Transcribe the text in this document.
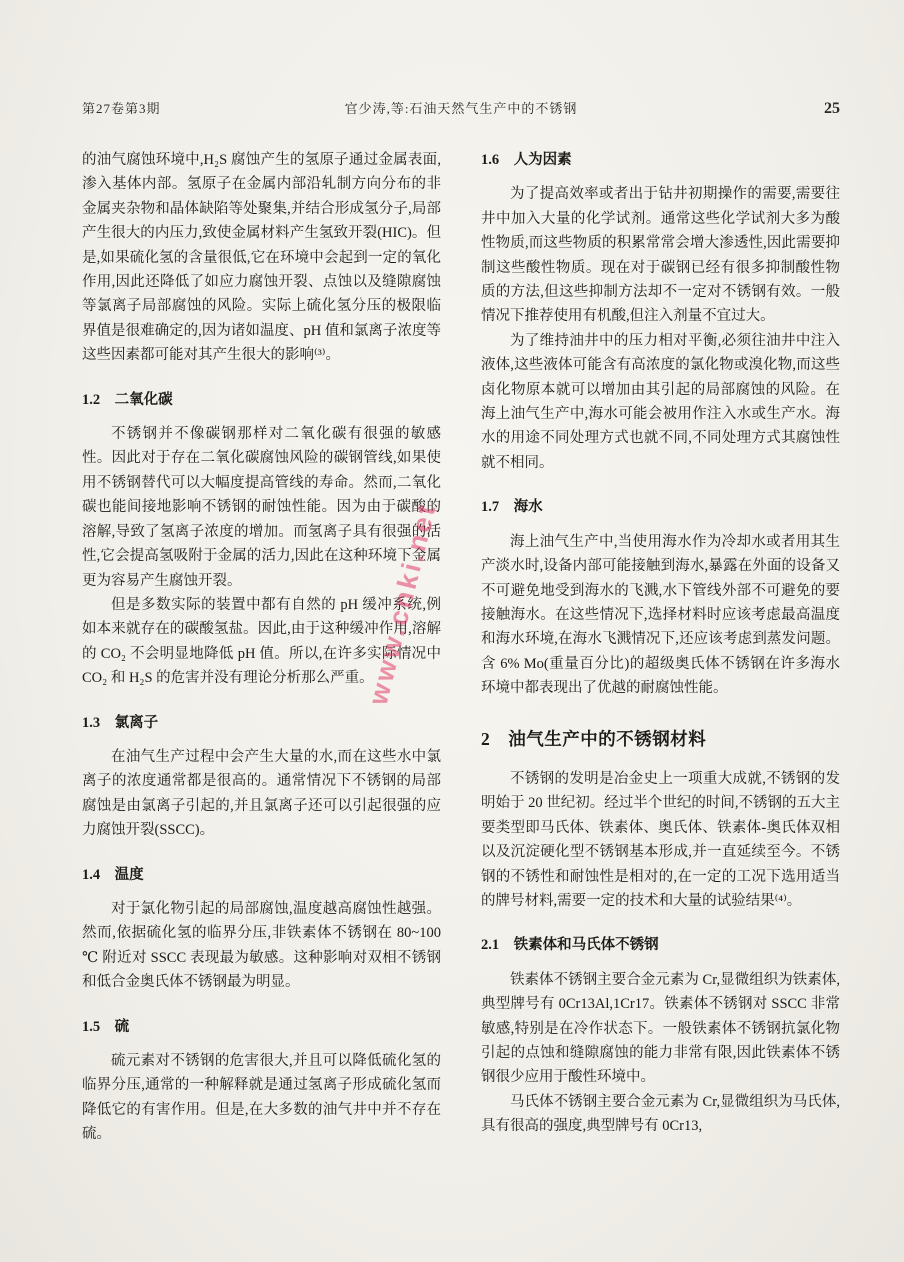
第27卷第3期	官少涛,等:石油天然气生产中的不锈钢	25

的油气腐蚀环境中,H₂S 腐蚀产生的氢原子通过金属表面,渗入基体内部。氢原子在金属内部沿轧制方向分布的非金属夹杂物和晶体缺陷等处聚集,并结合形成氢分子,局部产生很大的内压力,致使金属材料产生氢致开裂(HIC)。但是,如果硫化氢的含量很低,它在环境中会起到一定的氧化作用,因此还降低了如应力腐蚀开裂、点蚀以及缝隙腐蚀等氯离子局部腐蚀的风险。实际上硫化氢分压的极限临界值是很难确定的,因为诸如温度、pH 值和氯离子浓度等这些因素都可能对其产生很大的影响⁽³⁾。

1.2　二氧化碳

不锈钢并不像碳钢那样对二氧化碳有很强的敏感性。因此对于存在二氧化碳腐蚀风险的碳钢管线,如果使用不锈钢替代可以大幅度提高管线的寿命。然而,二氧化碳也能间接地影响不锈钢的耐蚀性能。因为由于碳酸的溶解,导致了氢离子浓度的增加。而氢离子具有很强的活性,它会提高氢吸附于金属的活力,因此在这种环境下金属更为容易产生腐蚀开裂。

但是多数实际的装置中都有自然的 pH 缓冲系统,例如本来就存在的碳酸氢盐。因此,由于这种缓冲作用,溶解的 CO₂ 不会明显地降低 pH 值。所以,在许多实际情况中 CO₂ 和 H₂S 的危害并没有理论分析那么严重。

1.3　氯离子

在油气生产过程中会产生大量的水,而在这些水中氯离子的浓度通常都是很高的。通常情况下不锈钢的局部腐蚀是由氯离子引起的,并且氯离子还可以引起很强的应力腐蚀开裂(SSCC)。

1.4　温度

对于氯化物引起的局部腐蚀,温度越高腐蚀性越强。然而,依据硫化氢的临界分压,非铁素体不锈钢在 80~100 ℃ 附近对 SSCC 表现最为敏感。这种影响对双相不锈钢和低合金奥氏体不锈钢最为明显。

1.5　硫

硫元素对不锈钢的危害很大,并且可以降低硫化氢的临界分压,通常的一种解释就是通过氢离子形成硫化氢而降低它的有害作用。但是,在大多数的油气井中并不存在硫。

1.6　人为因素

为了提高效率或者出于钻井初期操作的需要,需要往井中加入大量的化学试剂。通常这些化学试剂大多为酸性物质,而这些物质的积累常常会增大渗透性,因此需要抑制这些酸性物质。现在对于碳钢已经有很多抑制酸性物质的方法,但这些抑制方法却不一定对不锈钢有效。一般情况下推荐使用有机酸,但注入剂量不宜过大。

为了维持油井中的压力相对平衡,必须往油井中注入液体,这些液体可能含有高浓度的氯化物或溴化物,而这些卤化物原本就可以增加由其引起的局部腐蚀的风险。在海上油气生产中,海水可能会被用作注入水或生产水。海水的用途不同处理方式也就不同,不同处理方式其腐蚀性就不相同。

1.7　海水

海上油气生产中,当使用海水作为冷却水或者用其生产淡水时,设备内部可能接触到海水,暴露在外面的设备又不可避免地受到海水的飞溅,水下管线外部不可避免的要接触海水。在这些情况下,选择材料时应该考虑最高温度和海水环境,在海水飞溅情况下,还应该考虑到蒸发问题。含 6% Mo(重量百分比)的超级奥氏体不锈钢在许多海水环境中都表现出了优越的耐腐蚀性能。

2　油气生产中的不锈钢材料

不锈钢的发明是冶金史上一项重大成就,不锈钢的发明始于 20 世纪初。经过半个世纪的时间,不锈钢的五大主要类型即马氏体、铁素体、奥氏体、铁素体-奥氏体双相以及沉淀硬化型不锈钢基本形成,并一直延续至今。不锈钢的不锈性和耐蚀性是相对的,在一定的工况下选用适当的牌号材料,需要一定的技术和大量的试验结果⁽⁴⁾。

2.1　铁素体和马氏体不锈钢

铁素体不锈钢主要合金元素为 Cr,显微组织为铁素体,典型牌号有 0Cr13Al,1Cr17。铁素体不锈钢对 SSCC 非常敏感,特别是在冷作状态下。一般铁素体不锈钢抗氯化物引起的点蚀和缝隙腐蚀的能力非常有限,因此铁素体不锈钢很少应用于酸性环境中。

马氏体不锈钢主要合金元素为 Cr,显微组织为马氏体,具有很高的强度,典型牌号有 0Cr13,

www.cnki.net
